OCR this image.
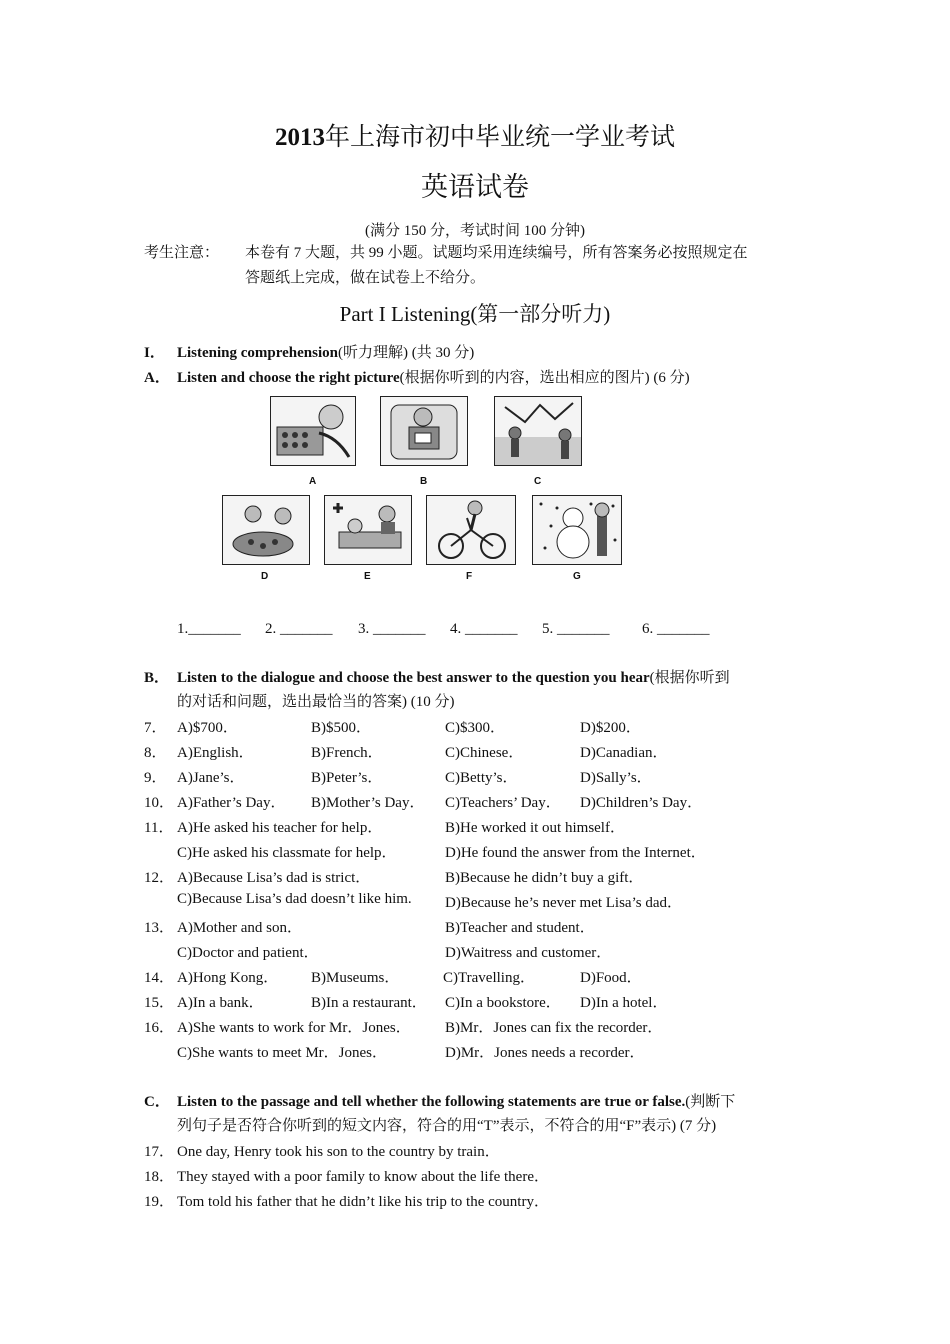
2013年上海市初中毕业统一学业考试
英语试卷
(满分 150 分，考试时间 100 分钟)
考生注意： 本卷有 7 大题，共 99 小题。试题均采用连续编号，所有答案务必按照规定在
答题纸上完成，做在试卷上不给分。
Part I Listening(第一部分听力)
I． Listening comprehension(听力理解) (共 30 分)
A． Listen and choose the right picture(根据你听到的内容，选出相应的图片) (6 分)
A	B	C
D	E	F	G
1._______ 2. _______ 3. _______ 4. _______ 5. _______ 6. _______
B． Listen to the dialogue and choose the best answer to the question you hear(根据你听到
的对话和问题，选出最恰当的答案) (10 分)
7． A)$700．	B)$500．	C)$300．	D)$200．
8． A)English．	B)French．	C)Chinese．	D)Canadian．
9． A)Jane’s．	B)Peter’s．	C)Betty’s．	D)Sally’s．
10． A)Father’s Day． B)Mother’s Day． C)Teachers’ Day． D)Children’s Day．
11． A)He asked his teacher for help．	B)He worked it out himself．
C)He asked his classmate for help．	D)He found the answer from the Internet．
12． A)Because Lisa’s dad is strict．	B)Because he didn’t buy a gift．
C)Because Lisa’s dad doesn’t like him. D)Because he’s never met Lisa’s dad．
13． A)Mother and son．	B)Teacher and student．
C)Doctor and patient．	D)Waitress and customer．
14． A)Hong Kong． B)Museums．	C)Travelling．	D)Food．
15． A)In a bank．	B)In a restaurant． C)In a bookstore． D)In a hotel．
16． A)She wants to work for Mr．Jones． B)Mr．Jones can fix the recorder．
C)She wants to meet Mr．Jones．	D)Mr．Jones needs a recorder．
C． Listen to the passage and tell whether the following statements are true or false.(判断下
列句子是否符合你听到的短文内容，符合的用“T”表示，不符合的用“F”表示) (7 分)
17． One day, Henry took his son to the country by train．
18． They stayed with a poor family to know about the life there．
19． Tom told his father that he didn’t like his trip to the country．
